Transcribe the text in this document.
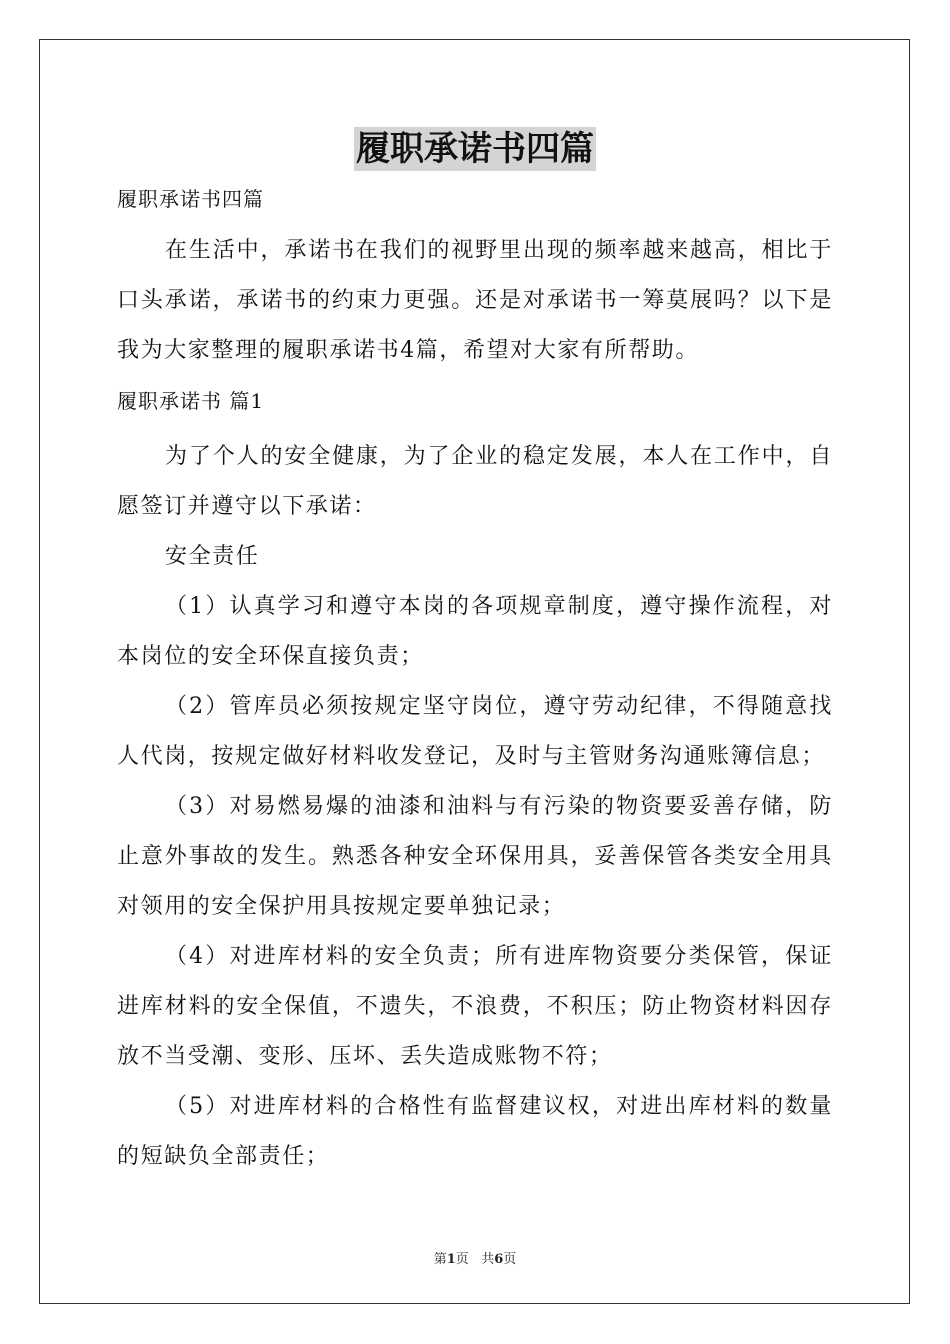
履职承诺书四篇

履职承诺书四篇

在生活中，承诺书在我们的视野里出现的频率越来越高，相比于口头承诺，承诺书的约束力更强。还是对承诺书一筹莫展吗？以下是我为大家整理的履职承诺书4篇，希望对大家有所帮助。

履职承诺书 篇1

为了个人的安全健康，为了企业的稳定发展，本人在工作中，自愿签订并遵守以下承诺：

安全责任

（1）认真学习和遵守本岗的各项规章制度，遵守操作流程，对本岗位的安全环保直接负责；

（2）管库员必须按规定坚守岗位，遵守劳动纪律，不得随意找人代岗，按规定做好材料收发登记，及时与主管财务沟通账簿信息；

（3）对易燃易爆的油漆和油料与有污染的物资要妥善存储，防止意外事故的发生。熟悉各种安全环保用具，妥善保管各类安全用具对领用的安全保护用具按规定要单独记录；

（4）对进库材料的安全负责；所有进库物资要分类保管，保证进库材料的安全保值，不遗失，不浪费，不积压；防止物资材料因存放不当受潮、变形、压坏、丢失造成账物不符；

（5）对进库材料的合格性有监督建议权，对进出库材料的数量的短缺负全部责任；

第1页 共6页
